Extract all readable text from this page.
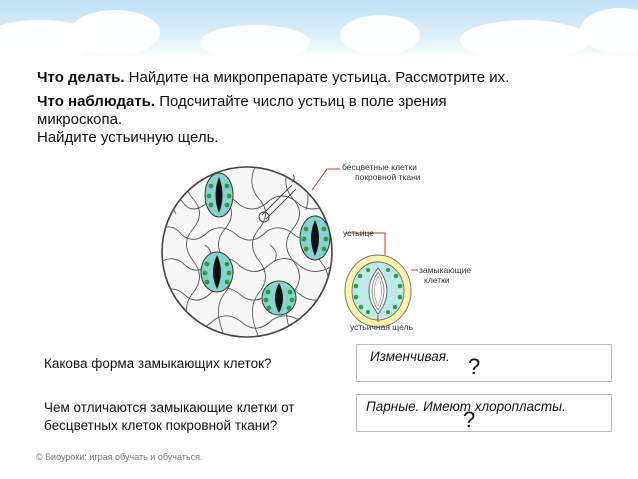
Что делать. Найдите на микропрепарате устьица. Рассмотрите их.
Что наблюдать. Подсчитайте число устьиц в поле зрения
микроскопа.
Найдите устьичную щель.
бесцветные клетки
покровной ткани
устьице
замыкающие
клетки
устьичная щель
Какова форма замыкающих клеток?	Изменчивая. ?
Чем отличаются замыкающие клетки от
бесцветных клеток покровной ткани?
Парные. Имеют хлоропласты.
?
© Биоуроки: играя обучать и обучаться.
